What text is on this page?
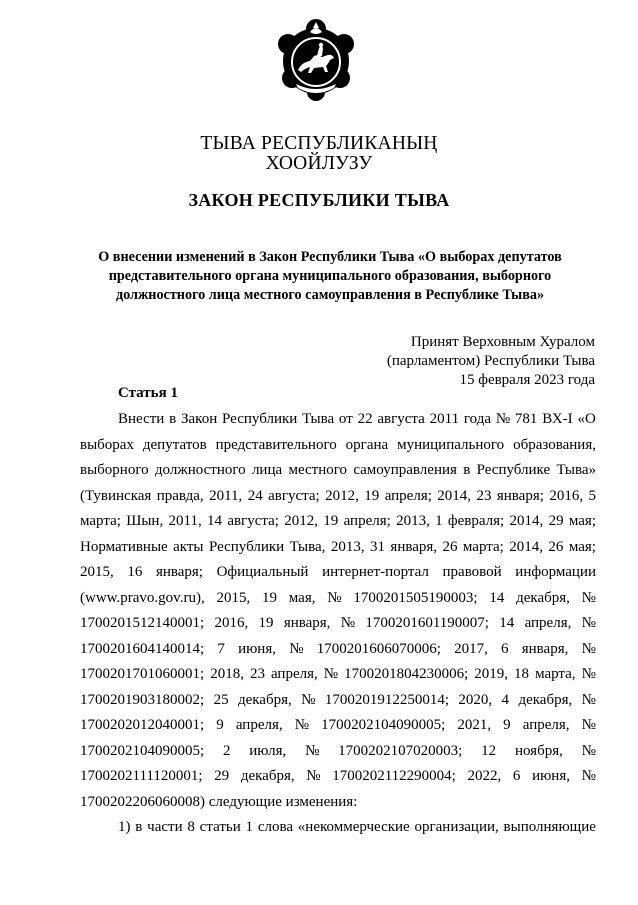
ТЫВА РЕСПУБЛИКАНЫҢ
ХООЙЛУЗУ
ЗАКОН РЕСПУБЛИКИ ТЫВА
О внесении изменений в Закон Республики Тыва «О выборах депутатов
представительного органа муниципального образования, выборного
должностного лица местного самоуправления в Республике Тыва»
Принят Верховным Хуралом
(парламентом) Республики Тыва
15 февраля 2023 года
Статья 1
Внести в Закон Республики Тыва от 22 августа 2011 года № 781 ВХ-I «О
выборах депутатов представительного органа муниципального образования,
выборного должностного лица местного самоуправления в Республике Тыва»
(Тувинская правда, 2011, 24 августа; 2012, 19 апреля; 2014, 23 января; 2016, 5
марта; Шын, 2011, 14 августа; 2012, 19 апреля; 2013, 1 февраля; 2014, 29 мая;
Нормативные акты Республики Тыва, 2013, 31 января, 26 марта; 2014, 26 мая;
2015, 16 января; Официальный интернет-портал правовой информации
(www.pravo.gov.ru), 2015, 19 мая, № 1700201505190003; 14 декабря, №
1700201512140001; 2016, 19 января, № 1700201601190007; 14 апреля, №
1700201604140014; 7 июня, № 1700201606070006; 2017, 6 января, №
1700201701060001; 2018, 23 апреля, № 1700201804230006; 2019, 18 марта, №
1700201903180002; 25 декабря, № 1700201912250014; 2020, 4 декабря, №
1700202012040001; 9 апреля, № 1700202104090005; 2021, 9 апреля, №
1700202104090005; 2 июля, № 1700202107020003; 12 ноября, №
1700202111120001; 29 декабря, № 1700202112290004; 2022, 6 июня, №
1700202206060008) следующие изменения:
1) в части 8 статьи 1 слова «некоммерческие организации, выполняющие
